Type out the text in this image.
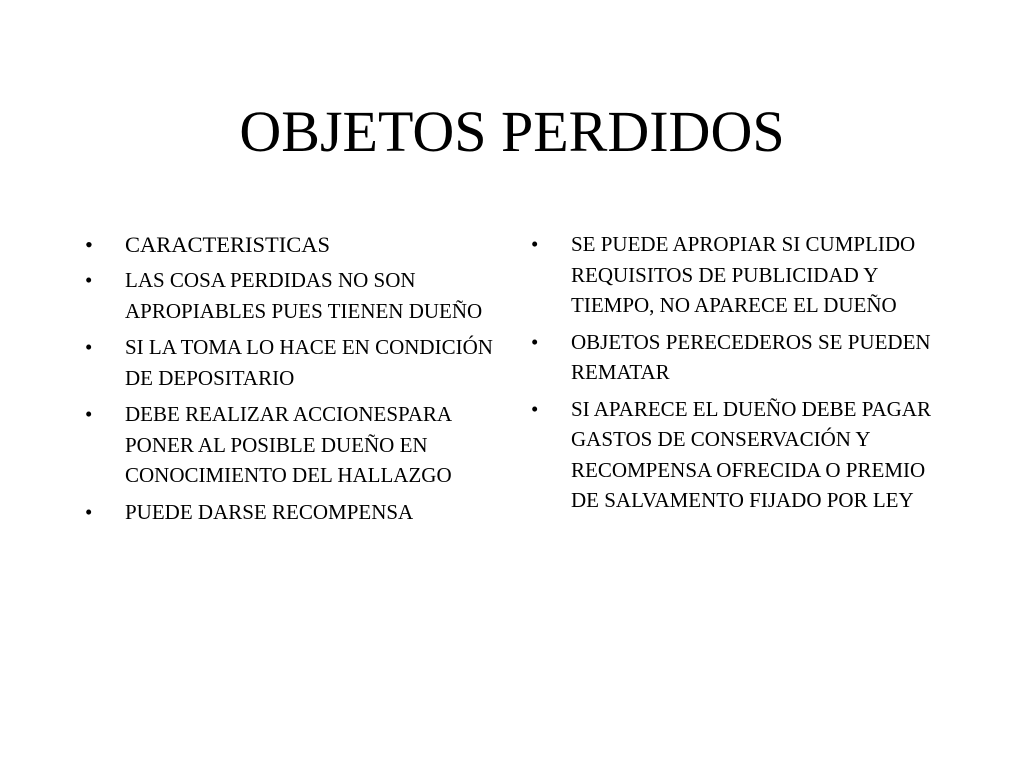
OBJETOS PERDIDOS
•	CARACTERISTICAS
•	LAS COSA PERDIDAS NO SON APROPIABLES PUES TIENEN DUEÑO
•	SI LA TOMA LO HACE EN CONDICIÓN DE DEPOSITARIO
•	DEBE REALIZAR ACCIONESPARA PONER AL POSIBLE DUEÑO EN CONOCIMIENTO DEL HALLAZGO
•	PUEDE DARSE RECOMPENSA
•	SE PUEDE APROPIAR SI CUMPLIDO REQUISITOS DE PUBLICIDAD Y TIEMPO, NO APARECE EL DUEÑO
•	OBJETOS PERECEDEROS SE PUEDEN REMATAR
•	SI APARECE EL DUEÑO DEBE PAGAR GASTOS DE CONSERVACIÓN Y RECOMPENSA OFRECIDA O PREMIO DE SALVAMENTO FIJADO POR LEY
